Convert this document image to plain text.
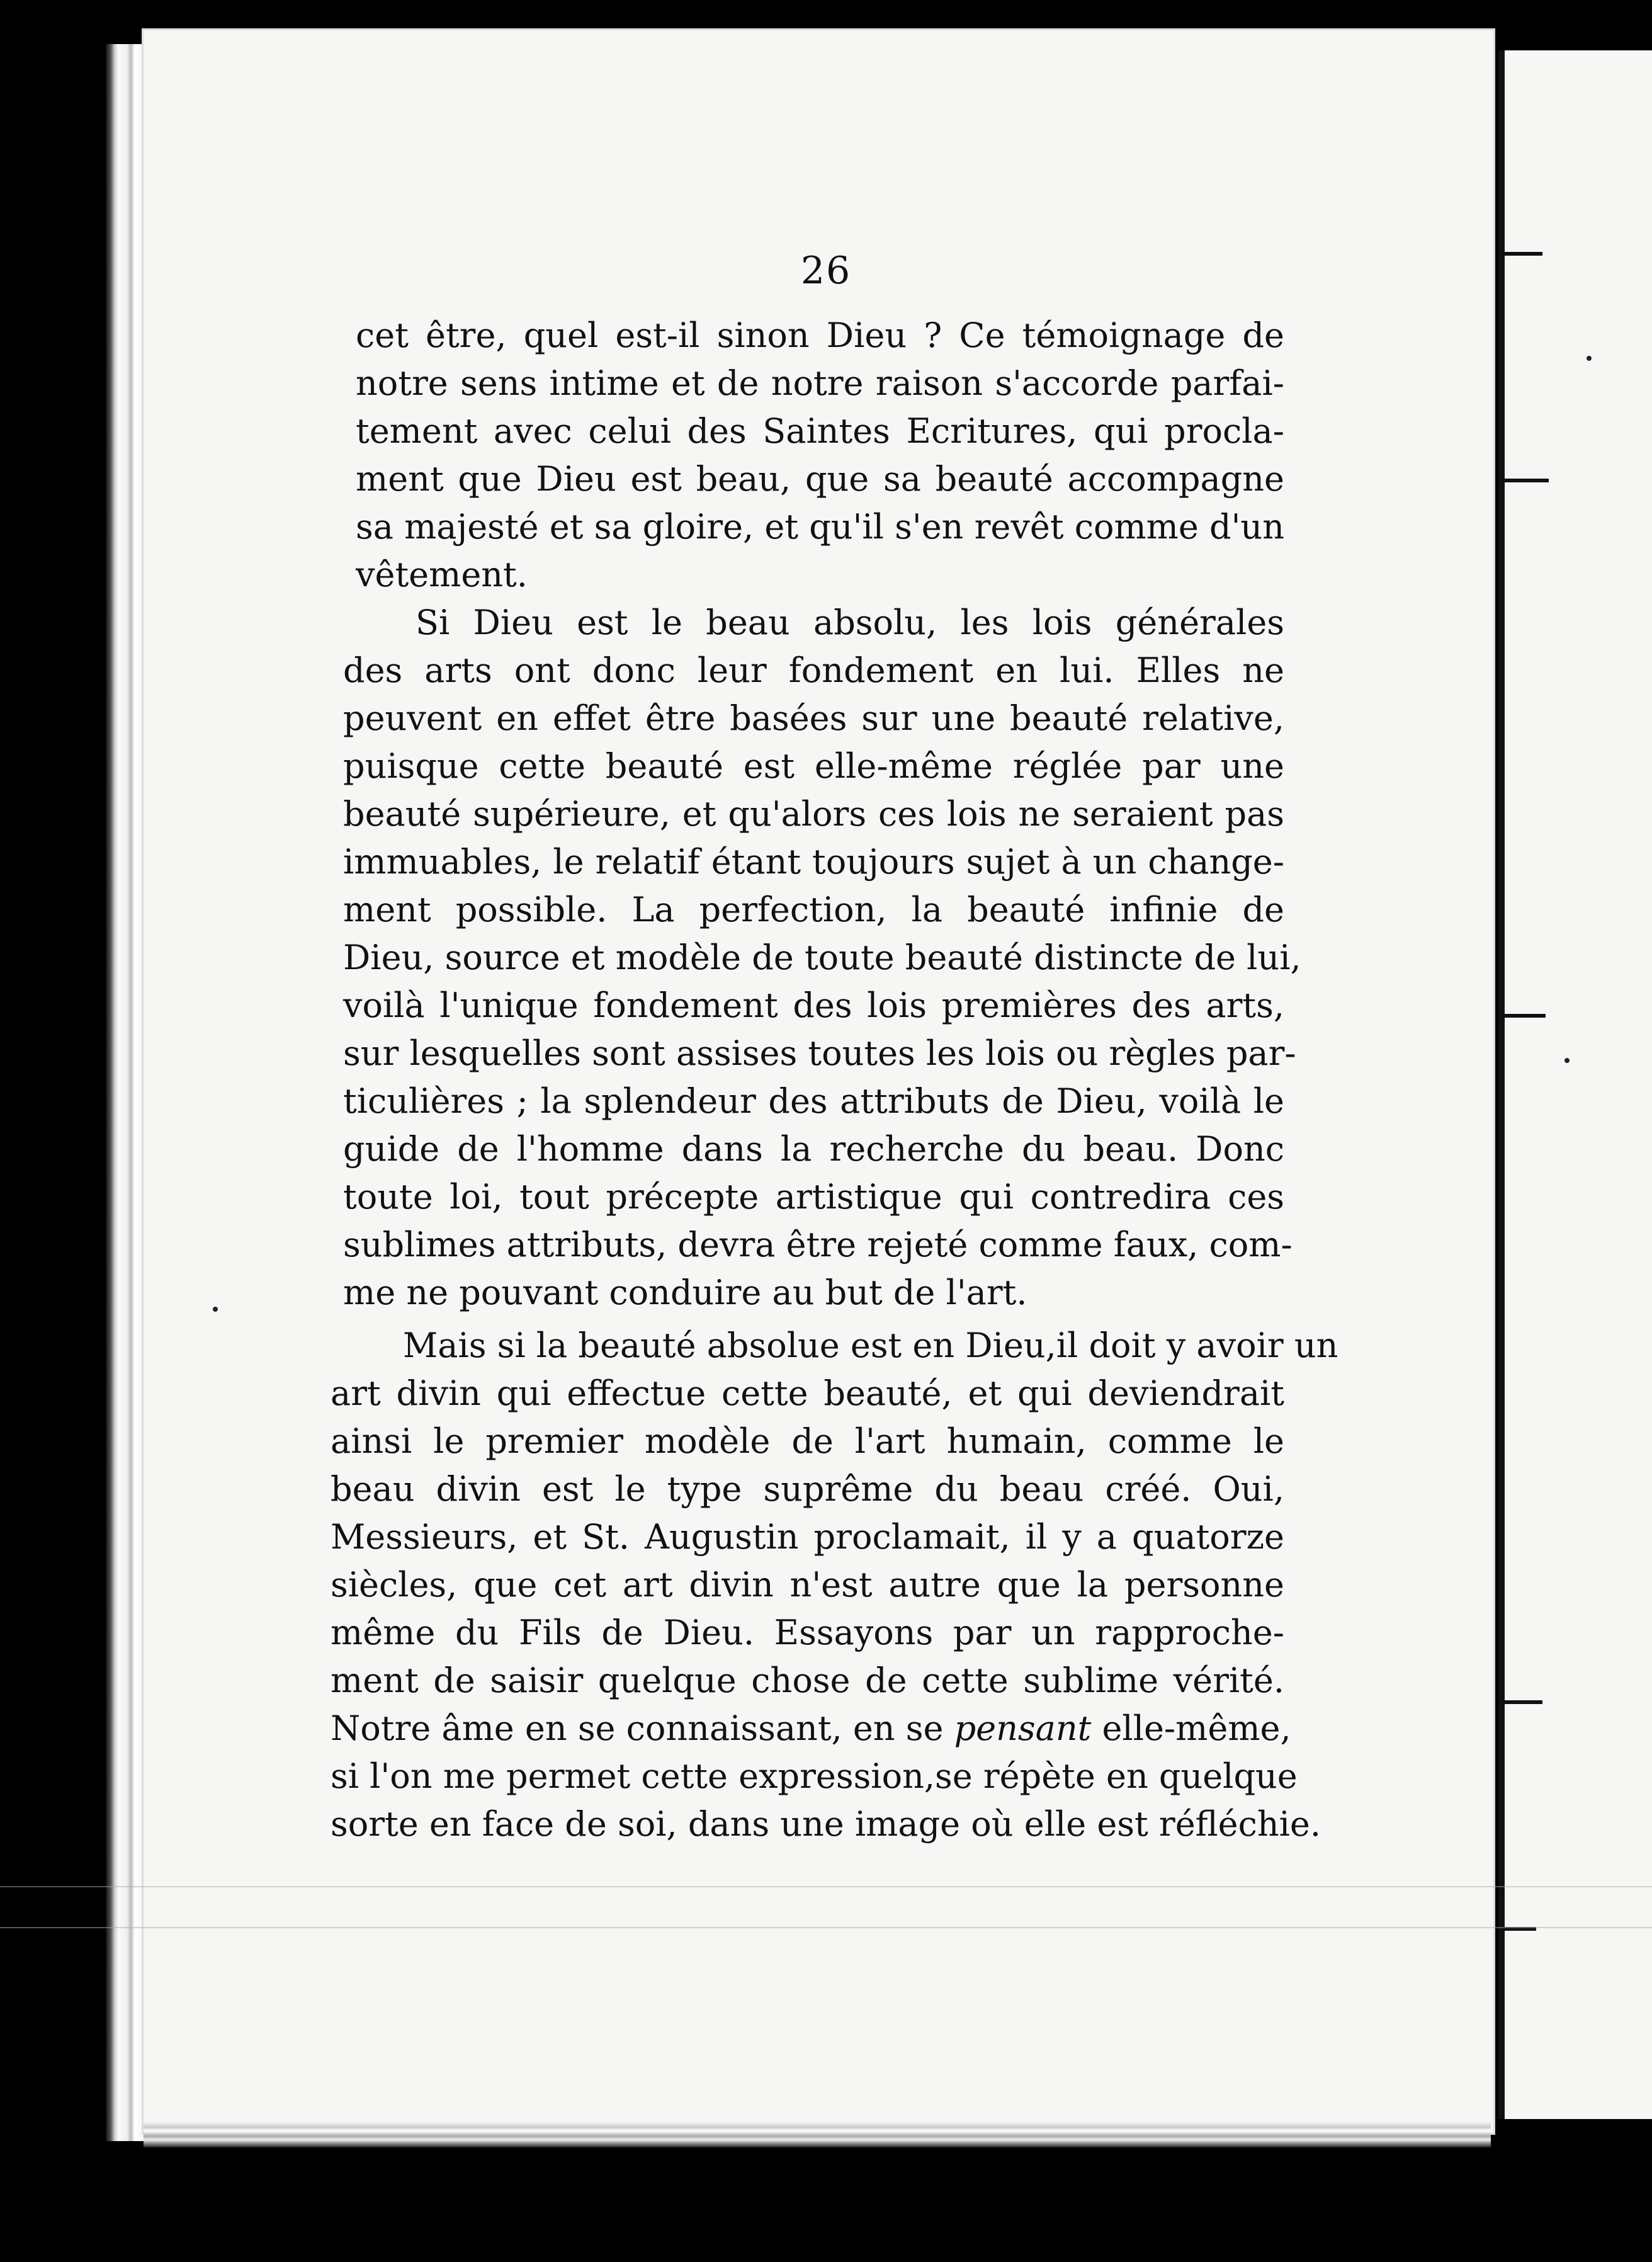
26
cet être, quel est-il sinon Dieu ? Ce témoignage de
notre sens intime et de notre raison s'accorde parfai-
tement avec celui des Saintes Ecritures, qui procla-
ment que Dieu est beau, que sa beauté accompagne
sa majesté et sa gloire, et qu'il s'en revêt comme d'un
vêtement.
Si Dieu est le beau absolu, les lois générales
des arts ont donc leur fondement en lui. Elles ne
peuvent en effet être basées sur une beauté relative,
puisque cette beauté est elle-même réglée par une
beauté supérieure, et qu'alors ces lois ne seraient pas
immuables, le relatif étant toujours sujet à un change-
ment possible. La perfection, la beauté infinie de
Dieu, source et modèle de toute beauté distincte de lui,
voilà l'unique fondement des lois premières des arts,
sur lesquelles sont assises toutes les lois ou règles par-
ticulières ; la splendeur des attributs de Dieu, voilà le
guide de l'homme dans la recherche du beau. Donc
toute loi, tout précepte artistique qui contredira ces
sublimes attributs, devra être rejeté comme faux, com-
me ne pouvant conduire au but de l'art.
Mais si la beauté absolue est en Dieu,il doit y avoir un
art divin qui effectue cette beauté, et qui deviendrait
ainsi le premier modèle de l'art humain, comme le
beau divin est le type suprême du beau créé. Oui,
Messieurs, et St. Augustin proclamait, il y a quatorze
siècles, que cet art divin n'est autre que la personne
même du Fils de Dieu. Essayons par un rapproche-
ment de saisir quelque chose de cette sublime vérité.
Notre âme en se connaissant, en se pensant elle-même,
si l'on me permet cette expression,se répète en quelque
sorte en face de soi, dans une image où elle est réfléchie.
